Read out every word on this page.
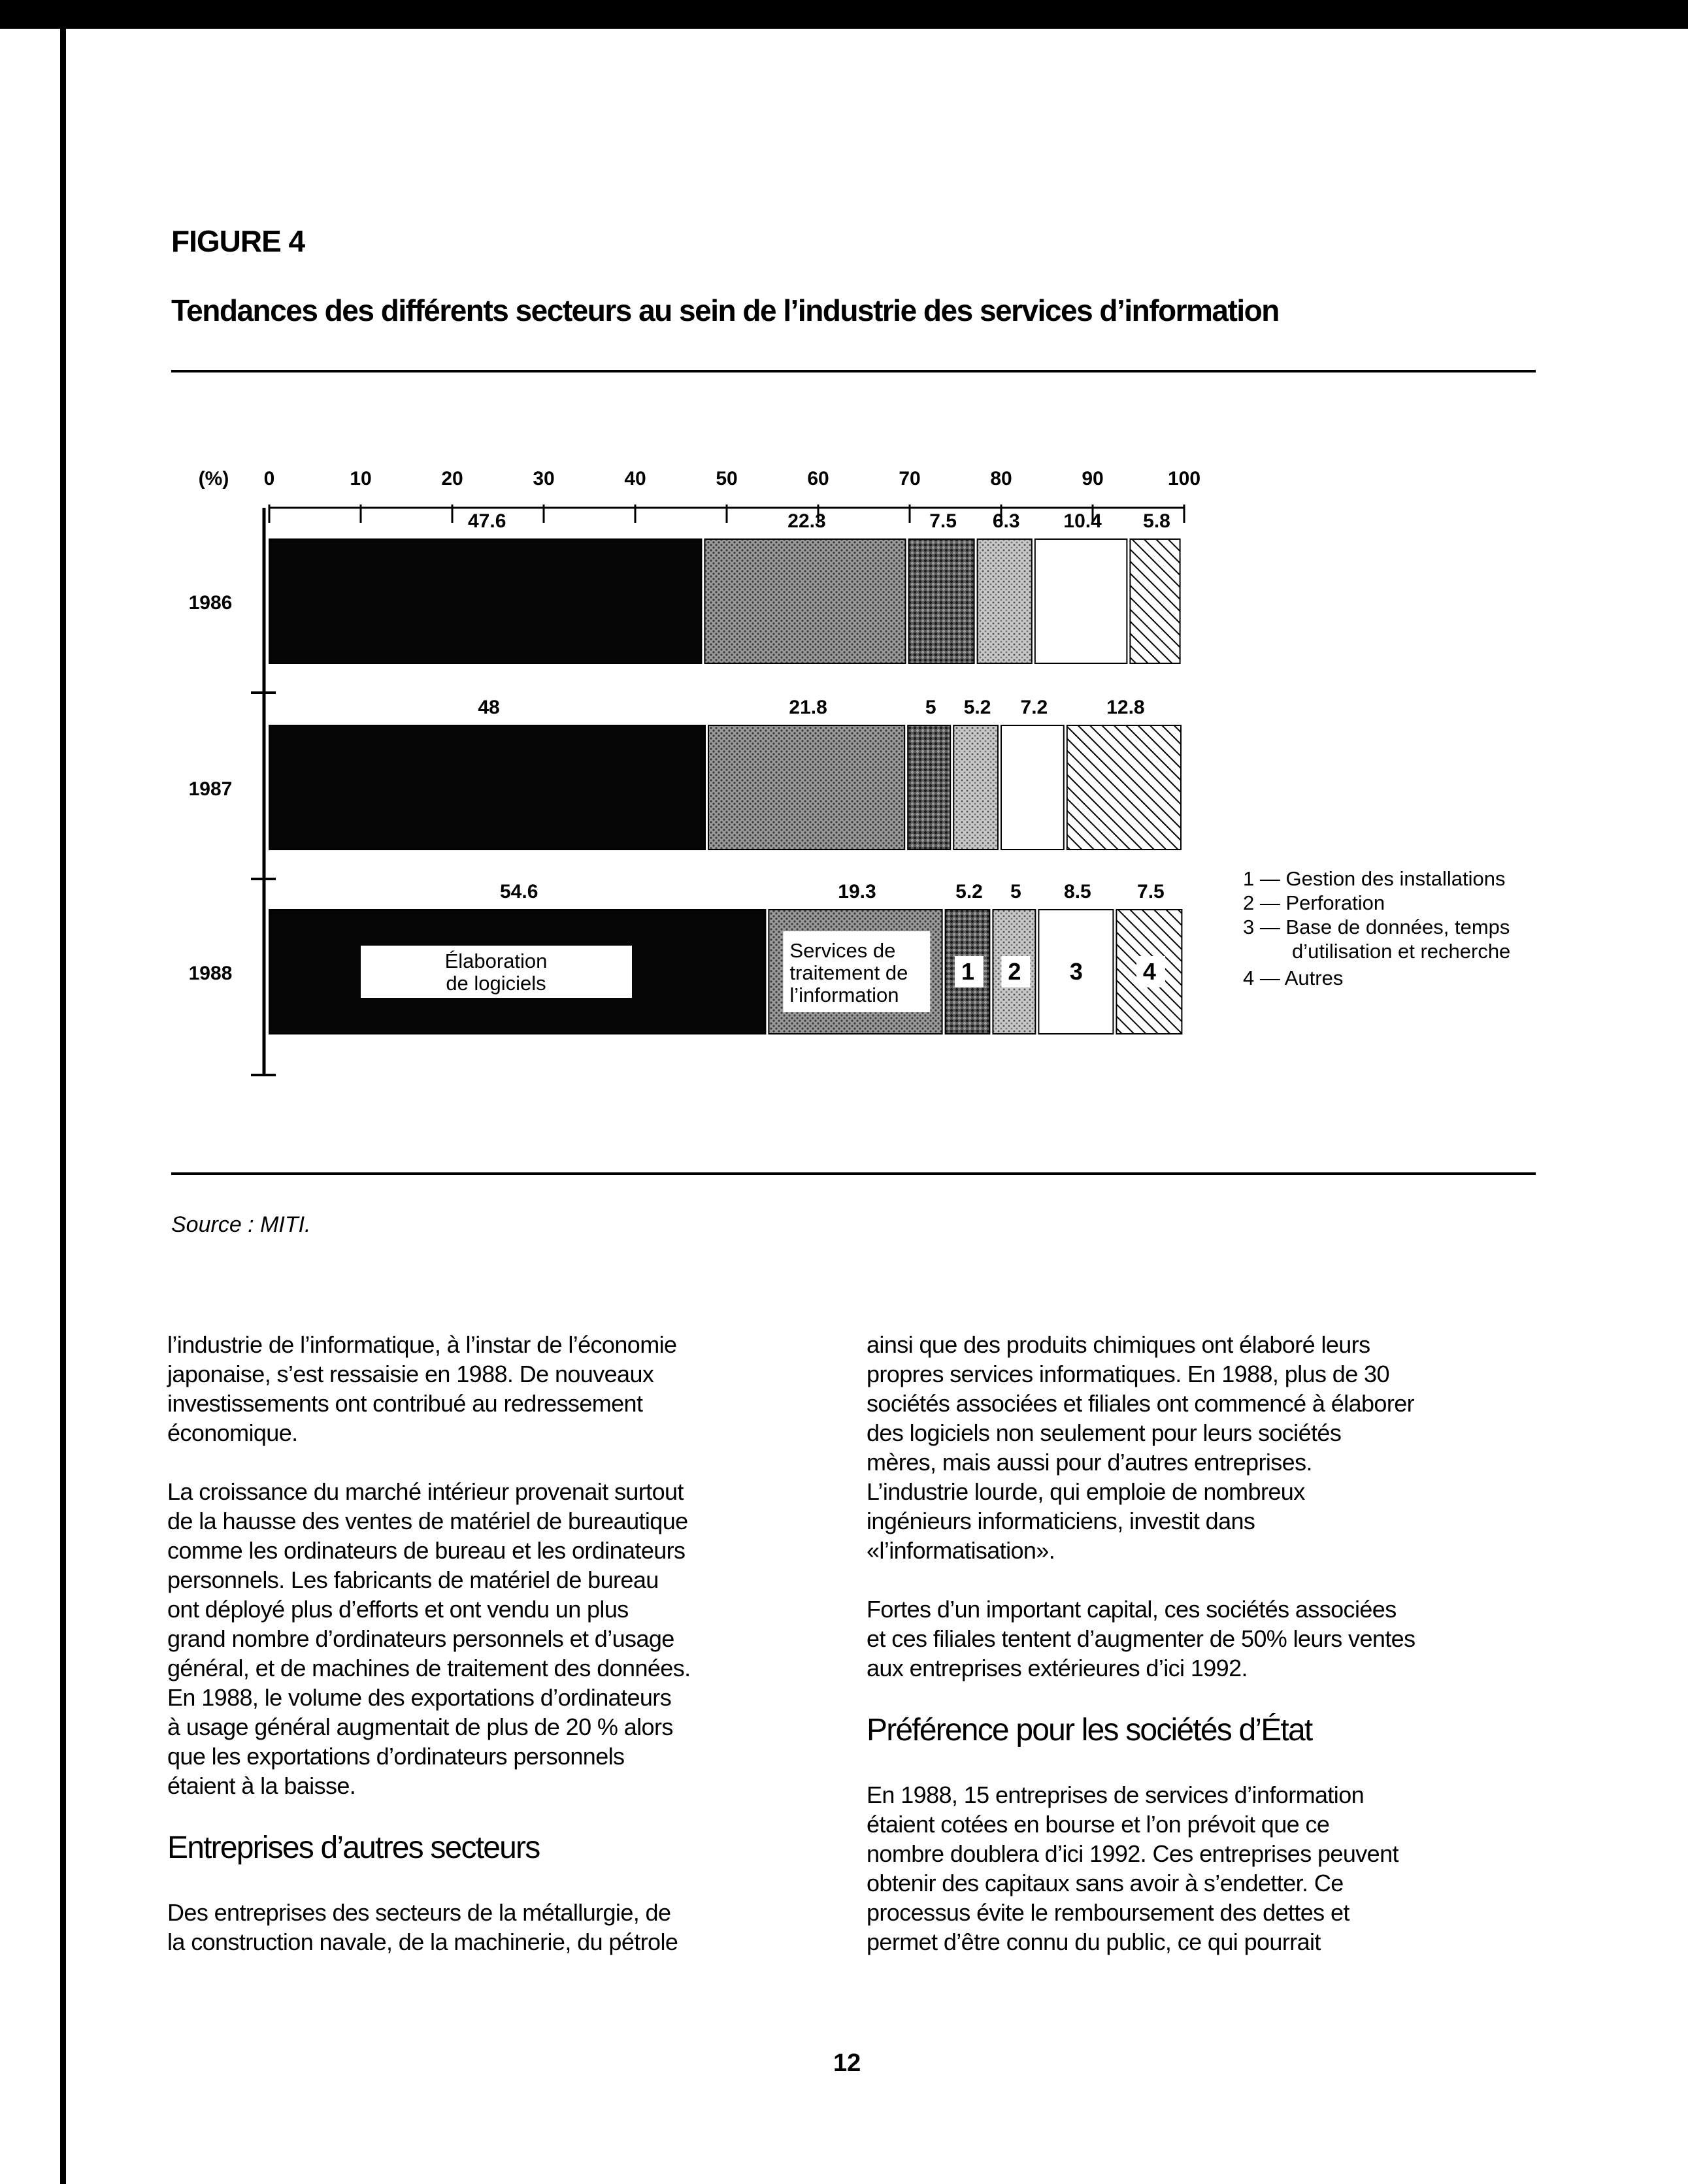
FIGURE 4
Tendances des différents secteurs au sein de l’industrie des services d’information
(%) 0	10	20	30	40	50	60	70	80	90	100
1986
47.6	22.3	7.5 6.3 10.4 5.8
1987
48	21.8	5 5.2 7.2	12.8
1988
54.6	19.3	5.2 5 8.5 7.5
Élaboration
de logiciels
Services de
traitement de
l’information
1 2 3	4
1 — Gestion des installations
2 — Perforation
3 — Base de données, temps
d’utilisation et recherche
4 — Autres
Source : MITI.

l’industrie de l’informatique, à l’instar de l’économie
japonaise, s’est ressaisie en 1988. De nouveaux
investissements ont contribué au redressement
économique.

La croissance du marché intérieur provenait surtout
de la hausse des ventes de matériel de bureautique
comme les ordinateurs de bureau et les ordinateurs
personnels. Les fabricants de matériel de bureau
ont déployé plus d’efforts et ont vendu un plus
grand nombre d’ordinateurs personnels et d’usage
général, et de machines de traitement des données.
En 1988, le volume des exportations d’ordinateurs
à usage général augmentait de plus de 20 % alors
que les exportations d’ordinateurs personnels
étaient à la baisse.

Entreprises d’autres secteurs

Des entreprises des secteurs de la métallurgie, de
la construction navale, de la machinerie, du pétrole

ainsi que des produits chimiques ont élaboré leurs
propres services informatiques. En 1988, plus de 30
sociétés associées et filiales ont commencé à élaborer
des logiciels non seulement pour leurs sociétés
mères, mais aussi pour d’autres entreprises.
L’industrie lourde, qui emploie de nombreux
ingénieurs informaticiens, investit dans
«l’informatisation».

Fortes d’un important capital, ces sociétés associées
et ces filiales tentent d’augmenter de 50% leurs ventes
aux entreprises extérieures d’ici 1992.

Préférence pour les sociétés d’État

En 1988, 15 entreprises de services d’information
étaient cotées en bourse et l’on prévoit que ce
nombre doublera d’ici 1992. Ces entreprises peuvent
obtenir des capitaux sans avoir à s’endetter. Ce
processus évite le remboursement des dettes et
permet d’être connu du public, ce qui pourrait

12
